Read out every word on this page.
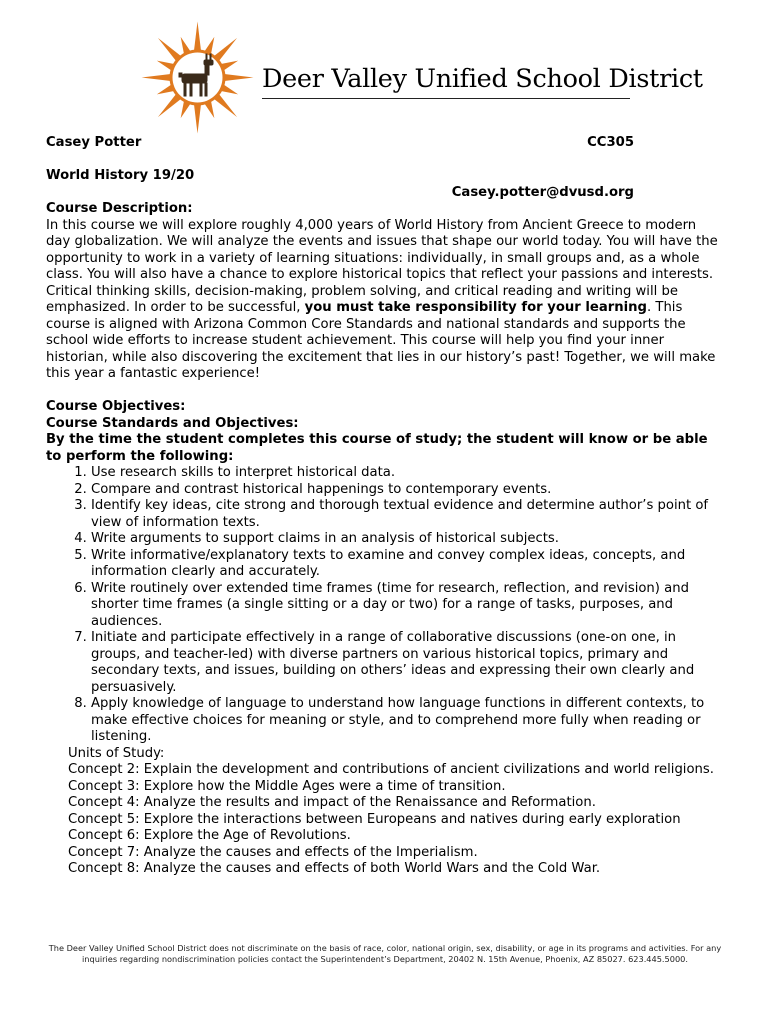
Deer Valley Unified School District
Casey Potter	CC305
World History 19/20
Casey.potter@dvusd.org
Course Description:
In this course we will explore roughly 4,000 years of World History from Ancient Greece to modern day globalization. We will analyze the events and issues that shape our world today. You will have the opportunity to work in a variety of learning situations: individually, in small groups and, as a whole class. You will also have a chance to explore historical topics that reflect your passions and interests. Critical thinking skills, decision-making, problem solving, and critical reading and writing will be emphasized. In order to be successful, you must take responsibility for your learning. This course is aligned with Arizona Common Core Standards and national standards and supports the school wide efforts to increase student achievement. This course will help you find your inner historian, while also discovering the excitement that lies in our history’s past! Together, we will make this year a fantastic experience!
Course Objectives:
Course Standards and Objectives:
By the time the student completes this course of study; the student will know or be able to perform the following:
1. Use research skills to interpret historical data.
2. Compare and contrast historical happenings to contemporary events.
3. Identify key ideas, cite strong and thorough textual evidence and determine author’s point of view of information texts.
4. Write arguments to support claims in an analysis of historical subjects.
5. Write informative/explanatory texts to examine and convey complex ideas, concepts, and information clearly and accurately.
6. Write routinely over extended time frames (time for research, reflection, and revision) and shorter time frames (a single sitting or a day or two) for a range of tasks, purposes, and audiences.
7. Initiate and participate effectively in a range of collaborative discussions (one-on one, in groups, and teacher-led) with diverse partners on various historical topics, primary and secondary texts, and issues, building on others’ ideas and expressing their own clearly and persuasively.
8. Apply knowledge of language to understand how language functions in different contexts, to make effective choices for meaning or style, and to comprehend more fully when reading or listening.
Units of Study:
Concept 2: Explain the development and contributions of ancient civilizations and world religions.
Concept 3: Explore how the Middle Ages were a time of transition.
Concept 4: Analyze the results and impact of the Renaissance and Reformation.
Concept 5: Explore the interactions between Europeans and natives during early exploration
Concept 6: Explore the Age of Revolutions.
Concept 7: Analyze the causes and effects of the Imperialism.
Concept 8: Analyze the causes and effects of both World Wars and the Cold War.
The Deer Valley Unified School District does not discriminate on the basis of race, color, national origin, sex, disability, or age in its programs and activities. For any inquiries regarding nondiscrimination policies contact the Superintendent’s Department, 20402 N. 15th Avenue, Phoenix, AZ 85027. 623.445.5000.
